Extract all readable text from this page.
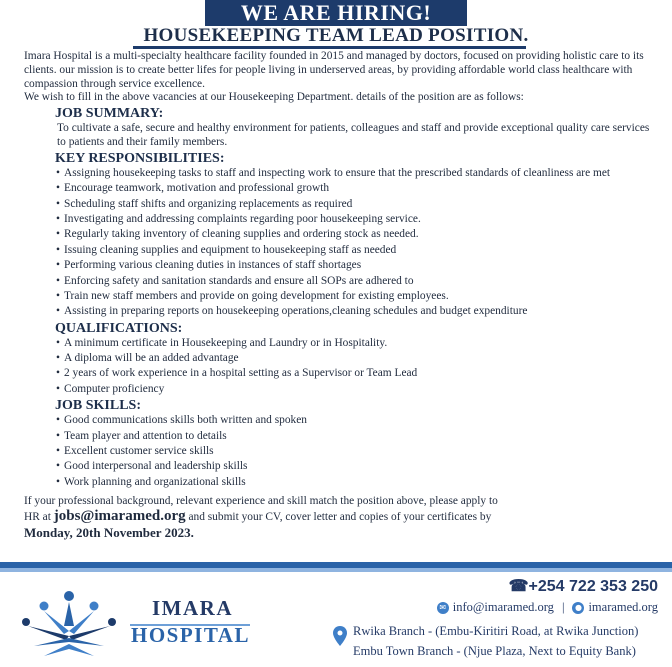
WE ARE HIRING!
HOUSEKEEPING TEAM LEAD POSITION.

Imara Hospital is a multi-specialty healthcare facility founded in 2015 and managed by doctors, focused on providing holistic care to its clients. our mission is to create better lifes for people living in underserved areas, by providing affordable world class healthcare with compassion through service excellence.

We wish to fill in the above vacancies at our Housekeeping Department. details of the position are as follows:

JOB SUMMARY:
To cultivate a safe, secure and healthy environment for patients, colleagues and staff and provide exceptional quality care services to patients and their family members.
KEY RESPONSIBILITIES:
• Assigning housekeeping tasks to staff and inspecting work to ensure that the prescribed standards of cleanliness are met
• Encourage teamwork, motivation and professional growth
• Scheduling staff shifts and organizing replacements as required
• Investigating and addressing complaints regarding poor housekeeping service.
• Regularly taking inventory of cleaning supplies and ordering stock as needed.
• Issuing cleaning supplies and equipment to housekeeping staff as needed
• Performing various cleaning duties in instances of staff shortages
• Enforcing safety and sanitation standards and ensure all SOPs are adhered to
• Train new staff members and provide on going development for existing employees.
• Assisting in preparing reports on housekeeping operations,cleaning schedules and budget expenditure
QUALIFICATIONS:
• A minimum certificate in Housekeeping and Laundry or in Hospitality.
• A diploma will be an added advantage
• 2 years of work experience in a hospital setting as a Supervisor or Team Lead
• Computer proficiency
JOB SKILLS:
• Good communications skills both written and spoken
• Team player and attention to details
• Excellent customer service skills
• Good interpersonal and leadership skills
• Work planning and organizational skills
If your professional background, relevant experience and skill match the position above, please apply to
HR at jobs@imaramed.org and submit your CV, cover letter and copies of your certificates by
Monday, 20th November 2023.
IMARA
HOSPITAL
☎+254 722 353 250
✉ info@imaramed.org | ● imaramed.org
Rwika Branch - (Embu-Kiritiri Road, at Rwika Junction)
Embu Town Branch - (Njue Plaza, Next to Equity Bank)
